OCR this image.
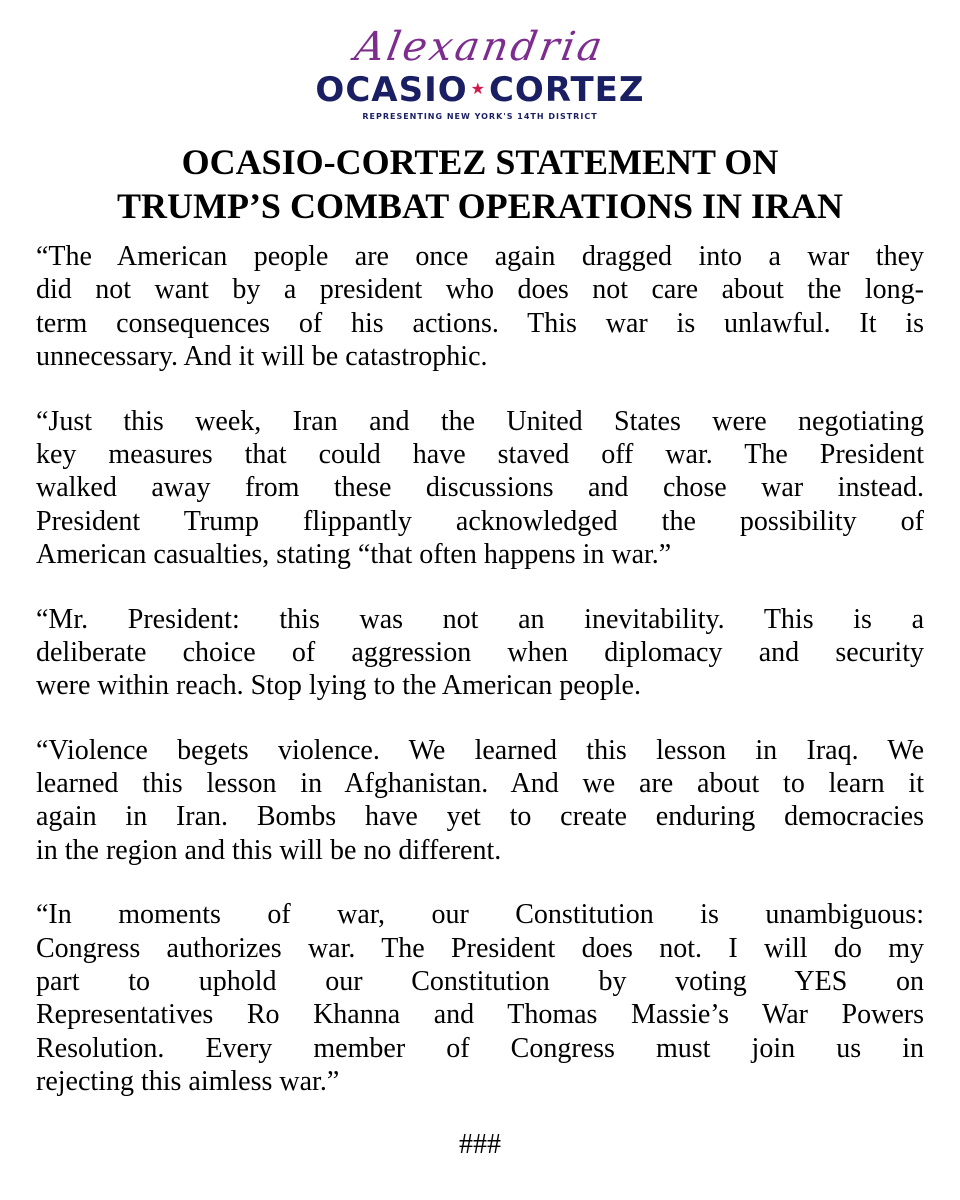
Alexandria
OCASIO ★CORTEZ
REPRESENTING NEW YORK'S 14TH DISTRICT
OCASIO-CORTEZ STATEMENT ON
TRUMP’S COMBAT OPERATIONS IN IRAN
“The American people are once again dragged into a war they
did not want by a president who does not care about the long-
term consequences of his actions. This war is unlawful. It is
unnecessary. And it will be catastrophic.
“Just this week, Iran and the United States were negotiating
key measures that could have staved off war. The President
walked away from these discussions and chose war instead.
President Trump flippantly acknowledged the possibility of
American casualties, stating “that often happens in war.”
“Mr. President: this was not an inevitability. This is a
deliberate choice of aggression when diplomacy and security
were within reach. Stop lying to the American people.
“Violence begets violence. We learned this lesson in Iraq. We
learned this lesson in Afghanistan. And we are about to learn it
again in Iran. Bombs have yet to create enduring democracies
in the region and this will be no different.
“In moments of war, our Constitution is unambiguous:
Congress authorizes war. The President does not. I will do my
part to uphold our Constitution by voting YES on
Representatives Ro Khanna and Thomas Massie’s War Powers
Resolution. Every member of Congress must join us in
rejecting this aimless war.”
###
